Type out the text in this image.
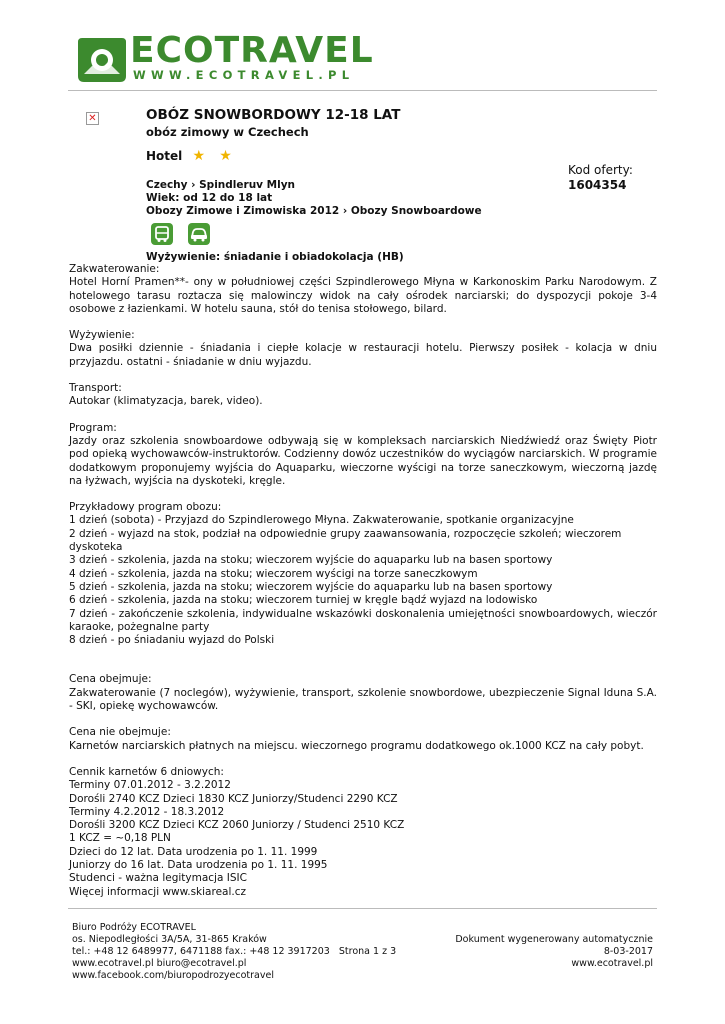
ECOTRAVEL
WWW.ECOTRAVEL.PL
✕	OBÓZ SNOWBORDOWY 12-18 LAT
obóz zimowy w Czechech
Hotel ★ ★
Kod oferty:
1604354
Czechy › Spindleruv Mlyn
Wiek: od 12 do 18 lat
Obozy Zimowe i Zimowiska 2012 › Obozy Snowboardowe
Wyżywienie: śniadanie i obiadokolacja (HB)

Zakwaterowanie:

Hotel Horní Pramen**- ony w południowej części Szpindlerowego Młyna w Karkonoskim Parku Narodowym. Z hotelowego tarasu roztacza się malowinczy widok na cały ośrodek narciarski; do dyspozycji pokoje 3-4 osobowe z łazienkami. W hotelu sauna, stół do tenisa stołowego, bilard.

Wyżywienie:

Dwa posiłki dziennie - śniadania i ciepłe kolacje w restauracji hotelu. Pierwszy posiłek - kolacja w dniu przyjazdu. ostatni - śniadanie w dniu wyjazdu.

Transport:

Autokar (klimatyzacja, barek, video).

Program:

Jazdy oraz szkolenia snowboardowe odbywają się w kompleksach narciarskich Niedźwiedź oraz Święty Piotr pod opieką wychowawców-instruktorów. Codzienny dowóz uczestników do wyciągów narciarskich. W programie dodatkowym proponujemy wyjścia do Aquaparku, wieczorne wyścigi na torze saneczkowym, wieczorną jazdę na łyżwach, wyjścia na dyskoteki, kręgle.

Przykładowy program obozu:

1 dzień (sobota) - Przyjazd do Szpindlerowego Młyna. Zakwaterowanie, spotkanie organizacyjne

2 dzień - wyjazd na stok, podział na odpowiednie grupy zaawansowania, rozpoczęcie szkoleń; wieczorem dyskoteka

3 dzień - szkolenia, jazda na stoku; wieczorem wyjście do aquaparku lub na basen sportowy

4 dzień - szkolenia, jazda na stoku; wieczorem wyścigi na torze saneczkowym

5 dzień - szkolenia, jazda na stoku; wieczorem wyjście do aquaparku lub na basen sportowy

6 dzień - szkolenia, jazda na stoku; wieczorem turniej w kręgle bądź wyjazd na lodowisko

7 dzień - zakończenie szkolenia, indywidualne wskazówki doskonalenia umiejętności snowboardowych, wieczór karaoke, pożegnalne party

8 dzień - po śniadaniu wyjazd do Polski

Cena obejmuje:

Zakwaterowanie (7 noclegów), wyżywienie, transport, szkolenie snowbordowe, ubezpieczenie Signal Iduna S.A. - SKI, opiekę wychowawców.

Cena nie obejmuje:

Karnetów narciarskich płatnych na miejscu. wieczornego programu dodatkowego ok.1000 KCZ na cały pobyt.

Cennik karnetów 6 dniowych:

Terminy 07.01.2012 - 3.2.2012

Dorośli 2740 KCZ Dzieci 1830 KCZ Juniorzy/Studenci 2290 KCZ

Terminy 4.2.2012 - 18.3.2012

Dorośli 3200 KCZ Dzieci KCZ 2060 Juniorzy / Studenci 2510 KCZ

1 KCZ = ~0,18 PLN

Dzieci do 12 lat. Data urodzenia po 1. 11. 1999

Juniorzy do 16 lat. Data urodzenia po 1. 11. 1995

Studenci - ważna legitymacja ISIC

Więcej informacji www.skiareal.cz

Biuro Podróży ECOTRAVEL
os. Niepodległości 3A/5A, 31-865 Kraków
tel.: +48 12 6489977, 6471188 fax.: +48 12 3917203 Strona 1 z 3
www.ecotravel.pl biuro@ecotravel.pl
www.facebook.com/biuropodrozyecotravel
Dokument wygenerowany automatycznie
8-03-2017
www.ecotravel.pl
